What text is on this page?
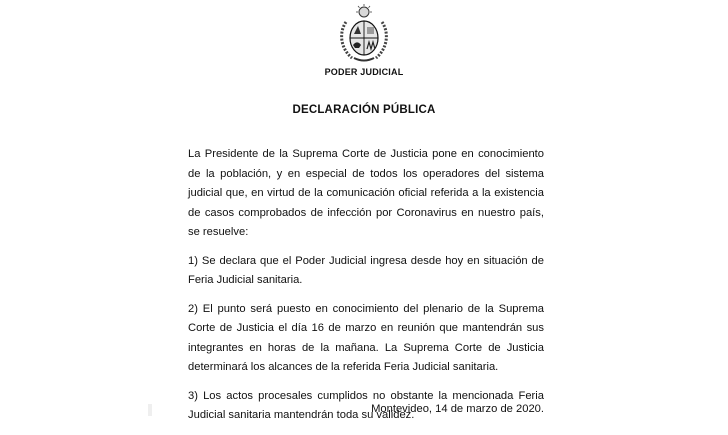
PODER JUDICIAL
DECLARACIÓN PÚBLICA

La Presidente de la Suprema Corte de Justicia pone en conocimiento de la población, y en especial de todos los operadores del sistema judicial que, en virtud de la comunicación oficial referida a la existencia de casos comprobados de infección por Coronavirus en nuestro país, se resuelve:

1) Se declara que el Poder Judicial ingresa desde hoy en situación de Feria Judicial sanitaria.

2) El punto será puesto en conocimiento del plenario de la Suprema Corte de Justicia el día 16 de marzo en reunión que mantendrán sus integrantes en horas de la mañana. La Suprema Corte de Justicia determinará los alcances de la referida Feria Judicial sanitaria.

3) Los actos procesales cumplidos no obstante la mencionada Feria Judicial sanitaria mantendrán toda su validez.

Montevideo, 14 de marzo de 2020.
